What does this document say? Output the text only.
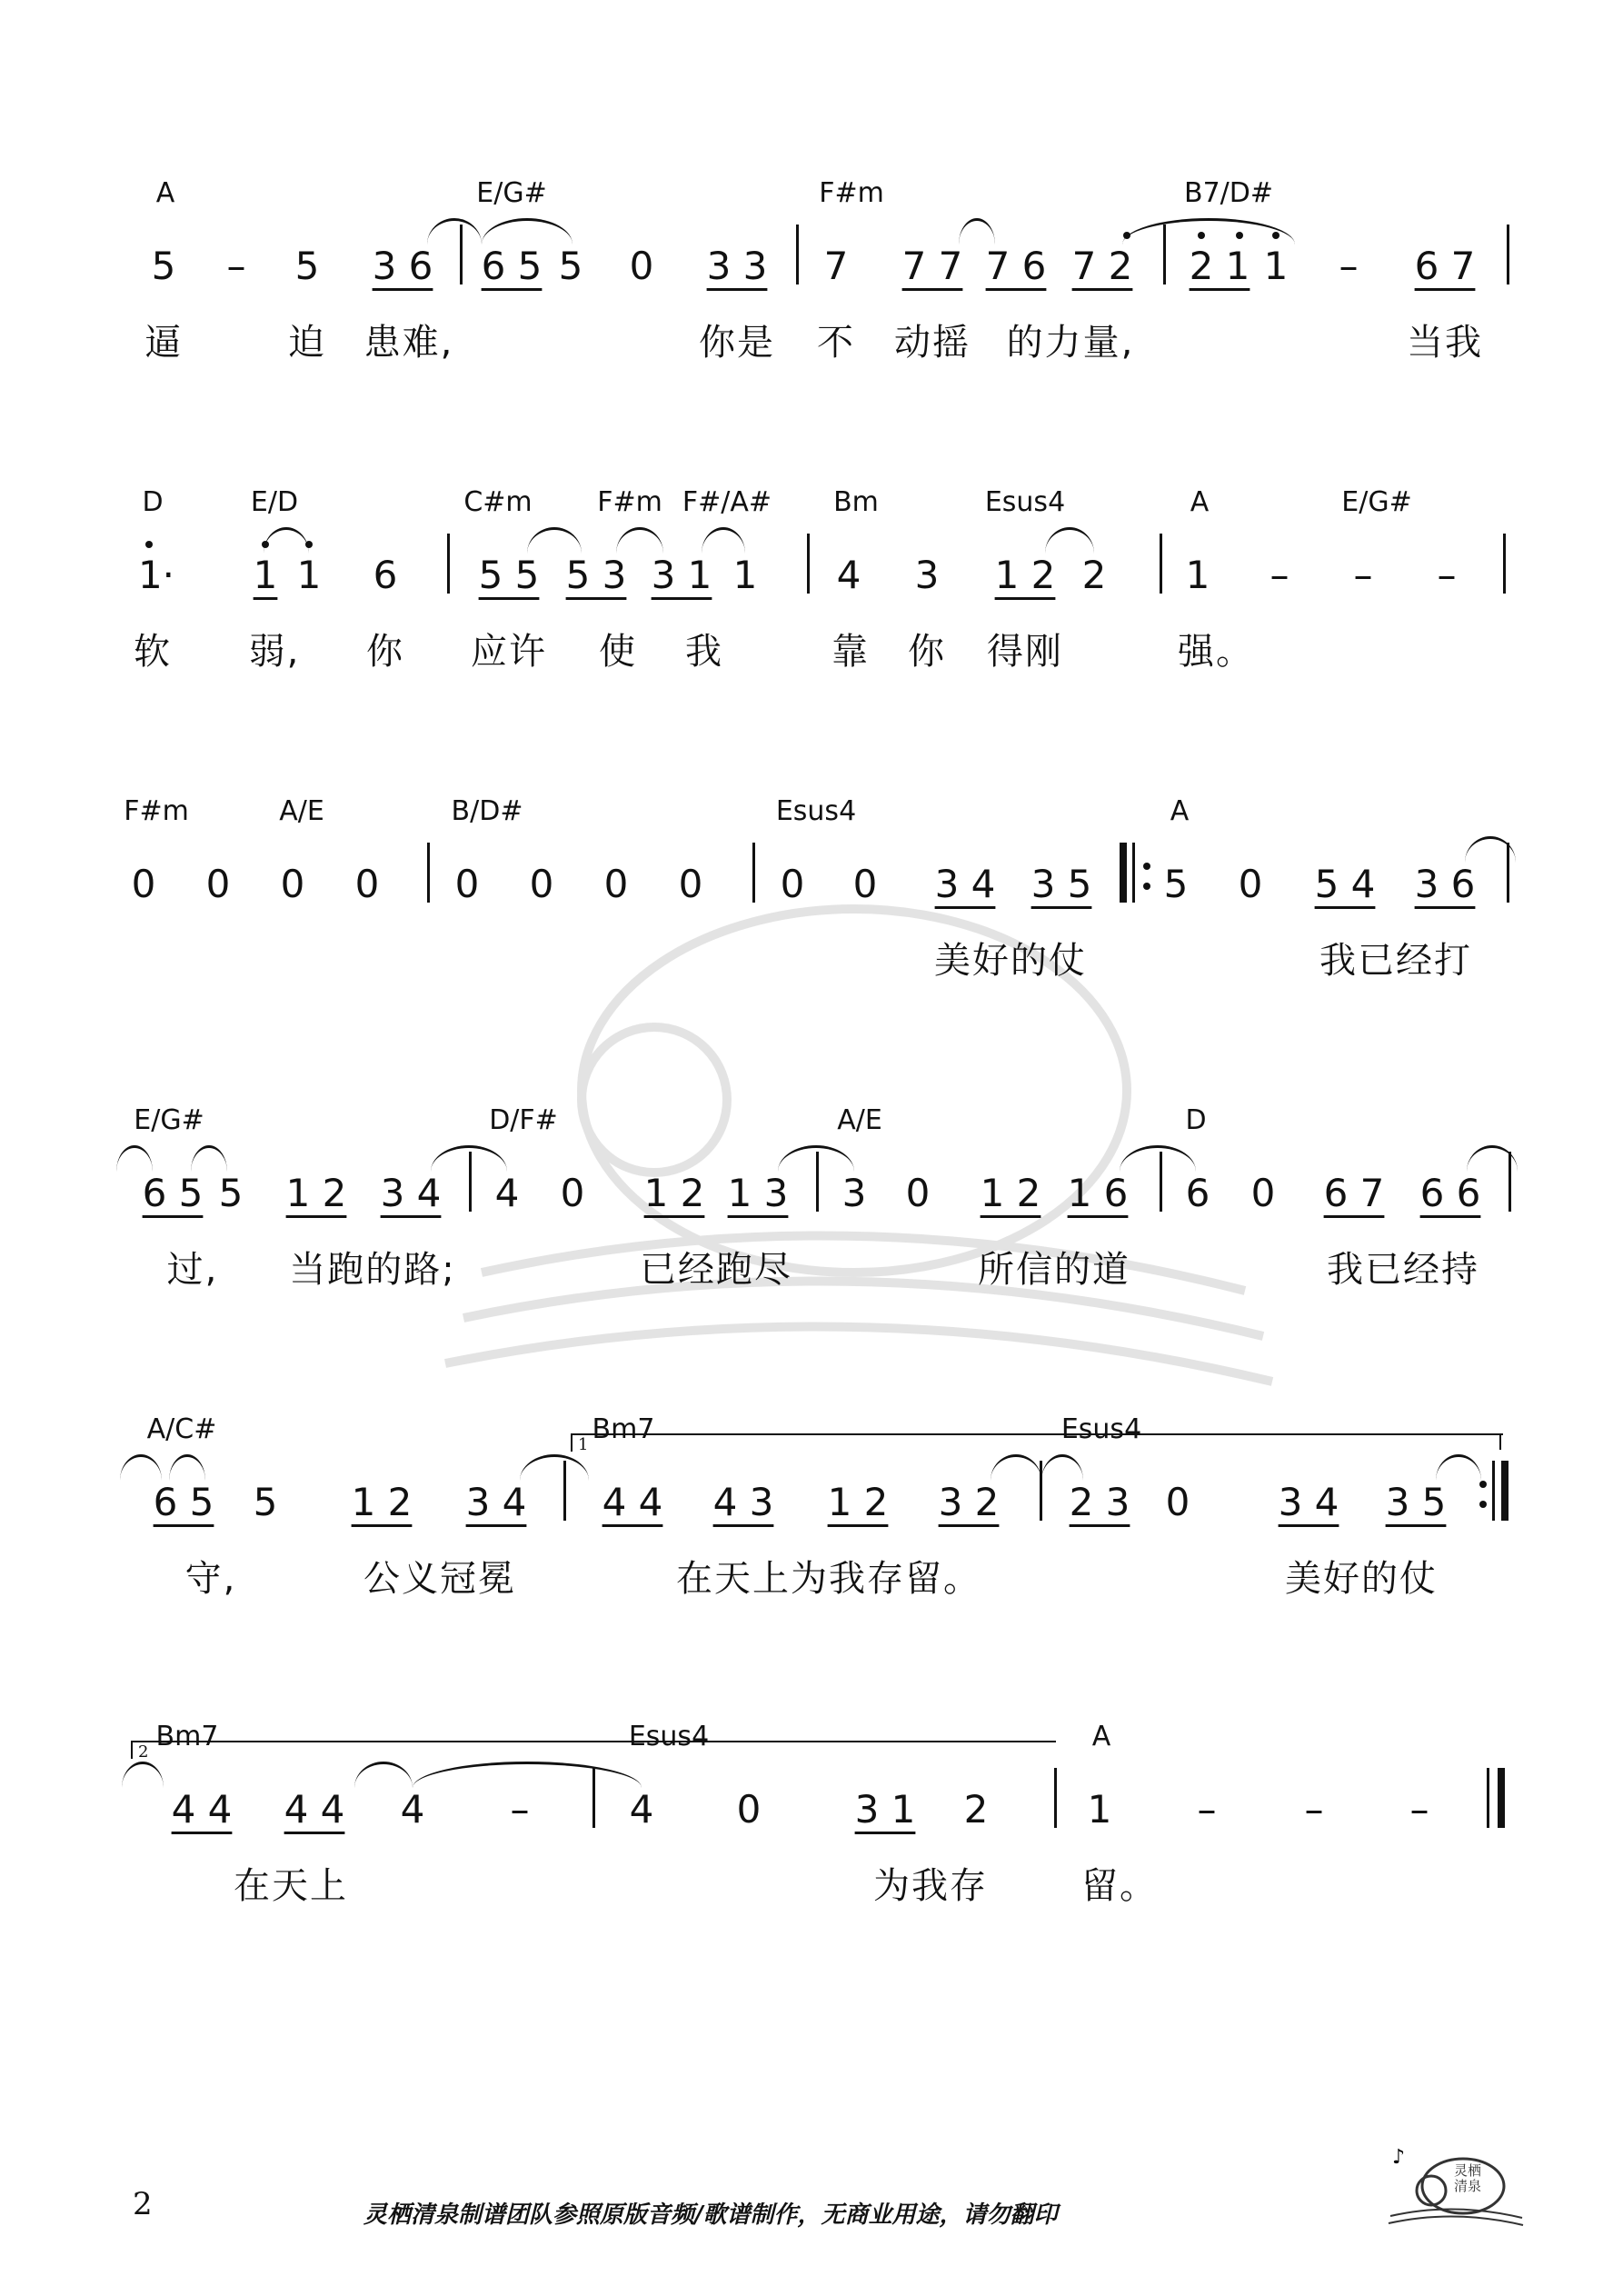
A	E/G#	F#m	B7/D#
5 – 5 3 6 6 5 5 0 3 3 7 7 7 7 6 7 2 2 1 1 – 6 7
逼	迫 患难,	你是 不 动摇 的力量,	当我
D	E/D	C#m F#m F#/A# Bm	Esus4	A	E/G#
1· 1 1 6 5 5 5 3 3 1 1 4 3 1 2 2 1 – – –
软 弱, 你 应许 使 我	靠 你 得刚	强。
F#m	A/E	B/D#	Esus4	A
0 0 0 0 0 0 0 0 0 0 3 4 3 5 5 0 5 4 3 6
美好的仗	我已经打
E/G#	D/F#	A/E	D
6 5 5 1 2 3 4 4 0 1 2 1 3 3 0 1 2 1 6 6 0 6 7 6 6
过, 当跑的路;	已经跑尽	所信的道	我已经持
A/C#	Bm7	Esus4
1
6 5 5 1 2 3 4 4 4 4 3 1 2 3 2 2 3 0 3 4 3 5
守,	公义冠冕	在天上为我存留。	美好的仗
Bm7	Esus4	A
2
4 4 4 4 4 –	4 0 3 1 2	1 – – –
在天上	为我存	留。
2	灵栖清泉制谱团队参照原版音频/歌谱制作，无商业用途，请勿翻印
♪
灵栖清泉
